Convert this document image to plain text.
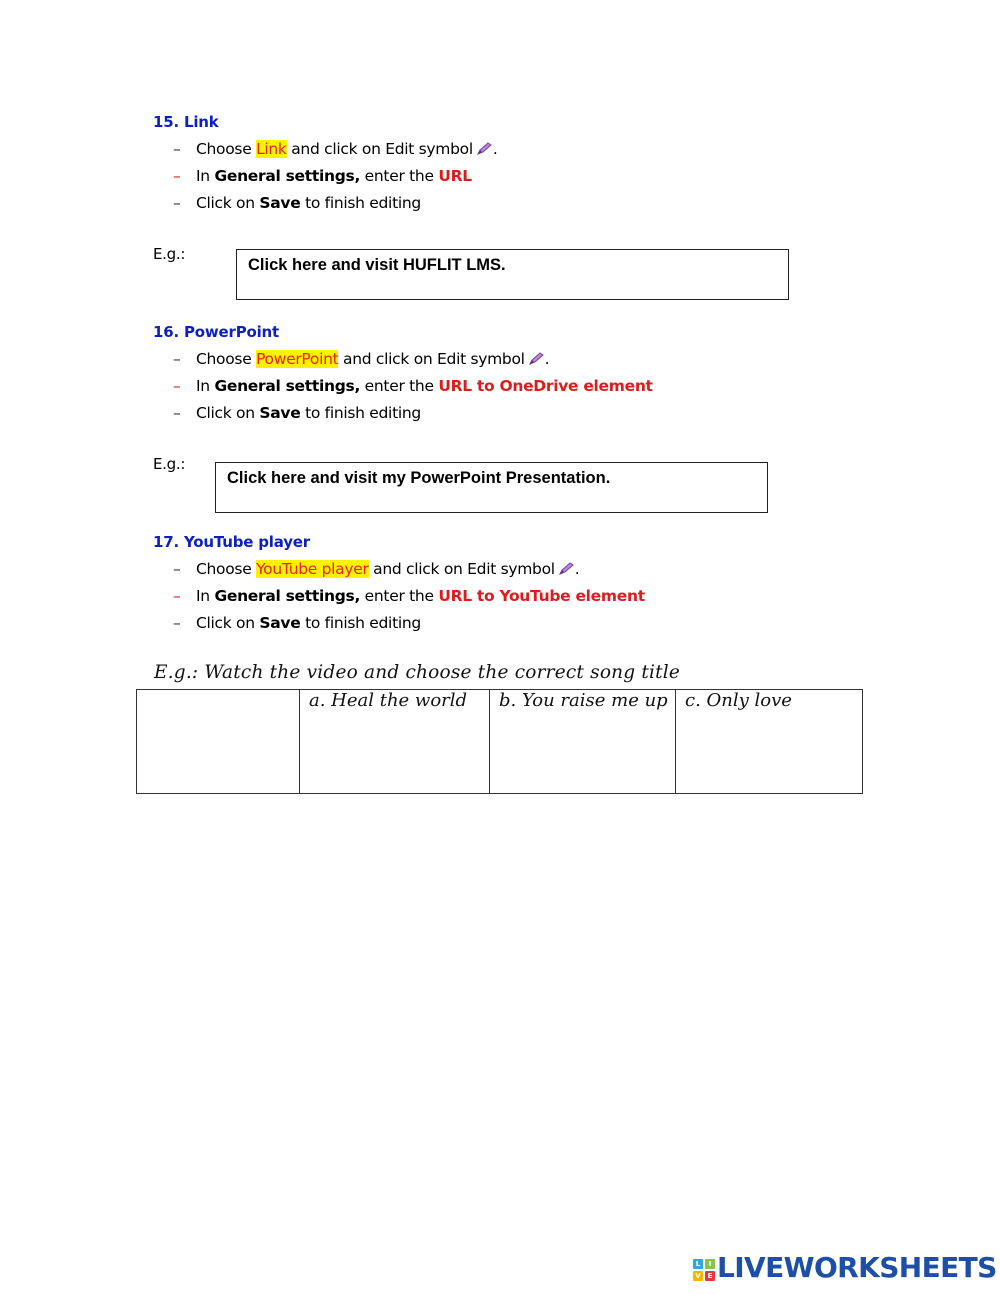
15. Link
– Choose Link and click on Edit symbol .
– In General settings, enter the URL
– Click on Save to finish editing
E.g.:
Click here and visit HUFLIT LMS.
16. PowerPoint
– Choose PowerPoint and click on Edit symbol .
– In General settings, enter the URL to OneDrive element
– Click on Save to finish editing
E.g.:
Click here and visit my PowerPoint Presentation.
17. YouTube player
– Choose YouTube player and click on Edit symbol .
– In General settings, enter the URL to YouTube element
– Click on Save to finish editing
E.g.: Watch the video and choose the correct song title
	a. Heal the world	b. You raise me up	c. Only love
L	I
V E LIVEWORKSHEETS
